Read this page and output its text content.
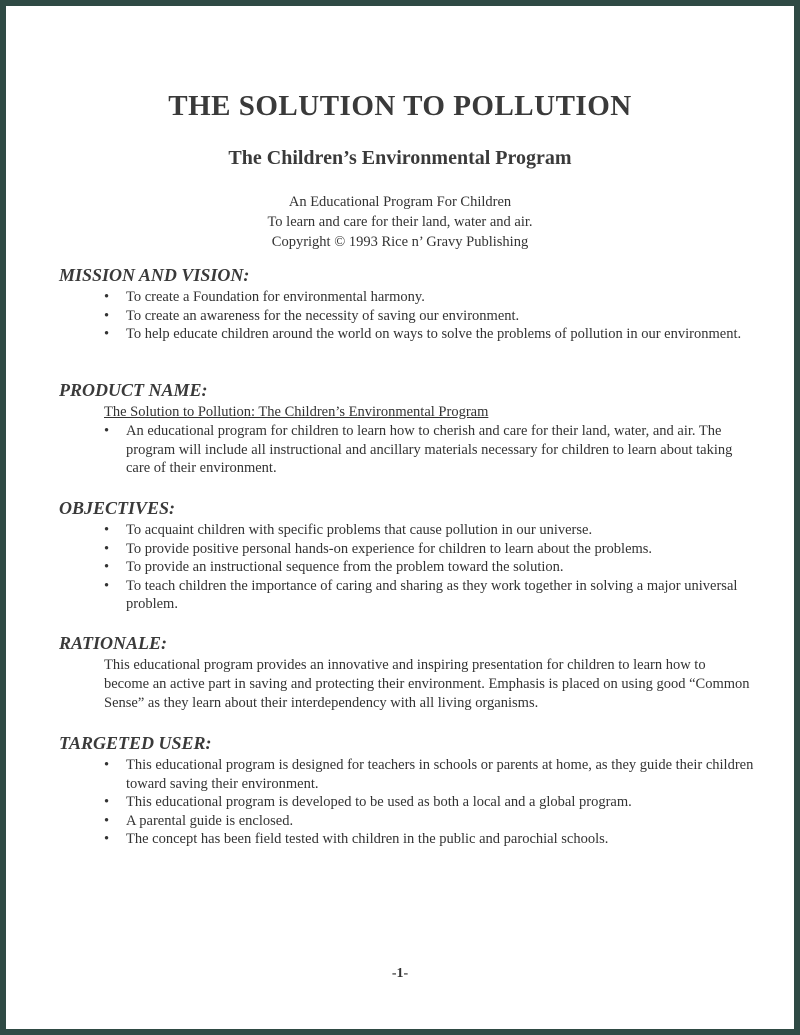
THE SOLUTION TO POLLUTION
The Children’s Environmental Program
An Educational Program For Children
To learn and care for their land, water and air.
Copyright © 1993 Rice n’ Gravy Publishing
MISSION AND VISION:
• To create a Foundation for environmental harmony.
• To create an awareness for the necessity of saving our environment.
• To help educate children around the world on ways to solve the problems of pollution in our environment.
PRODUCT NAME:
The Solution to Pollution: The Children’s Environmental Program
• An educational program for children to learn how to cherish and care for their land, water, and air. The program will include all instructional and ancillary materials necessary for children to learn about taking care of their environment.
OBJECTIVES:
• To acquaint children with specific problems that cause pollution in our universe.
• To provide positive personal hands-on experience for children to learn about the problems.
• To provide an instructional sequence from the problem toward the solution.
• To teach children the importance of caring and sharing as they work together in solving a major universal problem.
RATIONALE:
This educational program provides an innovative and inspiring presentation for children to learn how to become an active part in saving and protecting their environment. Emphasis is placed on using good “Common Sense” as they learn about their interdependency with all living organisms.
TARGETED USER:
• This educational program is designed for teachers in schools or parents at home, as they guide their children toward saving their environment.
• This educational program is developed to be used as both a local and a global program.
• A parental guide is enclosed.
• The concept has been field tested with children in the public and parochial schools.
-1-
